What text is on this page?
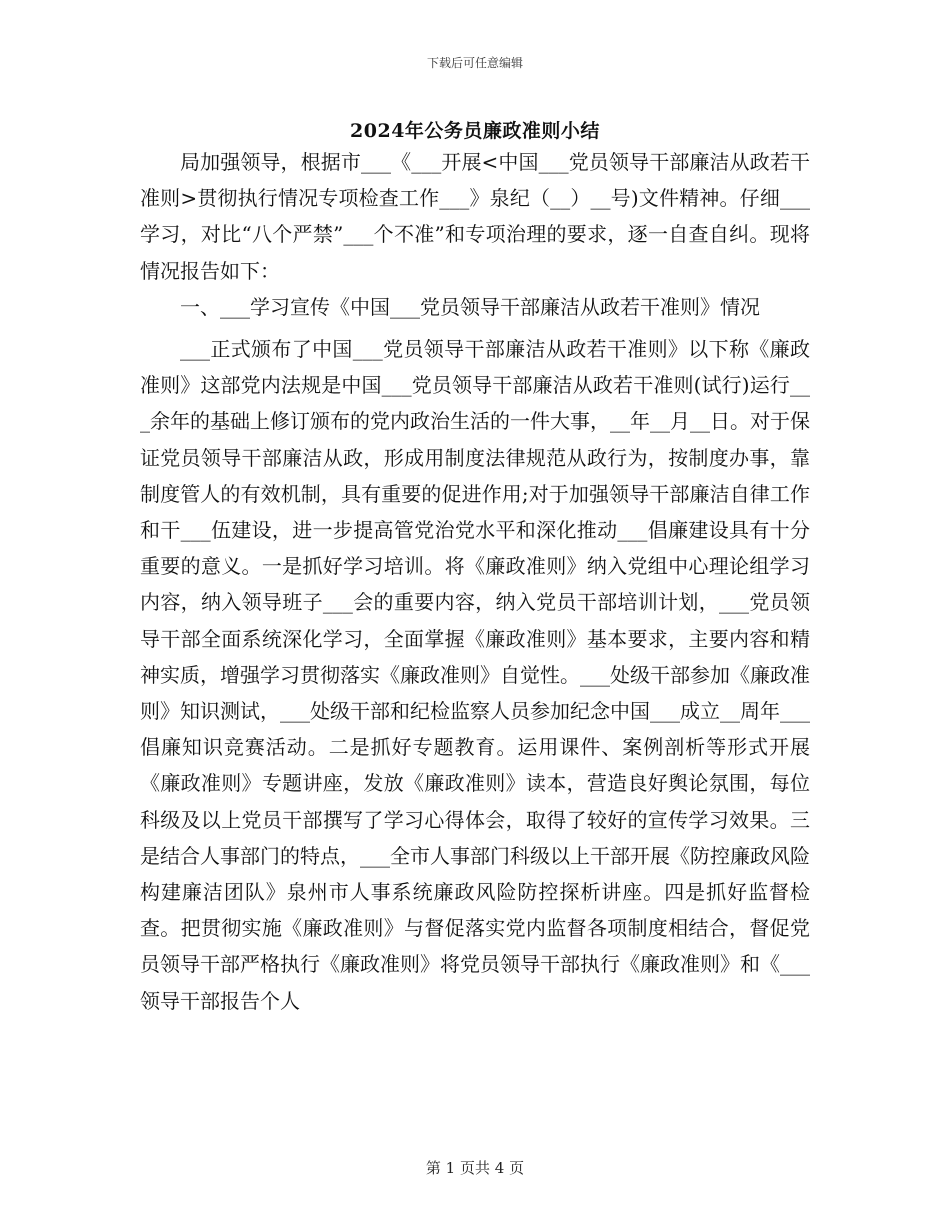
下载后可任意编辑
2024年公务员廉政准则小结

局加强领导，根据市___《___开展<中国___党员领导干部廉洁从政若干准则>贯彻执行情况专项检查工作___》泉纪（__）__号)文件精神。仔细___学习，对比“八个严禁”___个不准”和专项治理的要求，逐一自查自纠。现将情况报告如下：

一、___学习宣传《中国___党员领导干部廉洁从政若干准则》情况

___正式颁布了中国___党员领导干部廉洁从政若干准则》以下称《廉政准则》这部党内法规是中国___党员领导干部廉洁从政若干准则(试行)运行___余年的基础上修订颁布的党内政治生活的一件大事，__年__月__日。对于保证党员领导干部廉洁从政，形成用制度法律规范从政行为，按制度办事，靠制度管人的有效机制，具有重要的促进作用;对于加强领导干部廉洁自律工作和干___伍建设，进一步提高管党治党水平和深化推动___倡廉建设具有十分重要的意义。一是抓好学习培训。将《廉政准则》纳入党组中心理论组学习内容，纳入领导班子___会的重要内容，纳入党员干部培训计划，___党员领导干部全面系统深化学习，全面掌握《廉政准则》基本要求，主要内容和精神实质，增强学习贯彻落实《廉政准则》自觉性。___处级干部参加《廉政准则》知识测试，___处级干部和纪检监察人员参加纪念中国___成立__周年___倡廉知识竞赛活动。二是抓好专题教育。运用课件、案例剖析等形式开展《廉政准则》专题讲座，发放《廉政准则》读本，营造良好舆论氛围，每位科级及以上党员干部撰写了学习心得体会，取得了较好的宣传学习效果。三是结合人事部门的特点，___全市人事部门科级以上干部开展《防控廉政风险构建廉洁团队》泉州市人事系统廉政风险防控探析讲座。四是抓好监督检查。把贯彻实施《廉政准则》与督促落实党内监督各项制度相结合，督促党员领导干部严格执行《廉政准则》将党员领导干部执行《廉政准则》和《___领导干部报告个人

第 1 页共 4 页
